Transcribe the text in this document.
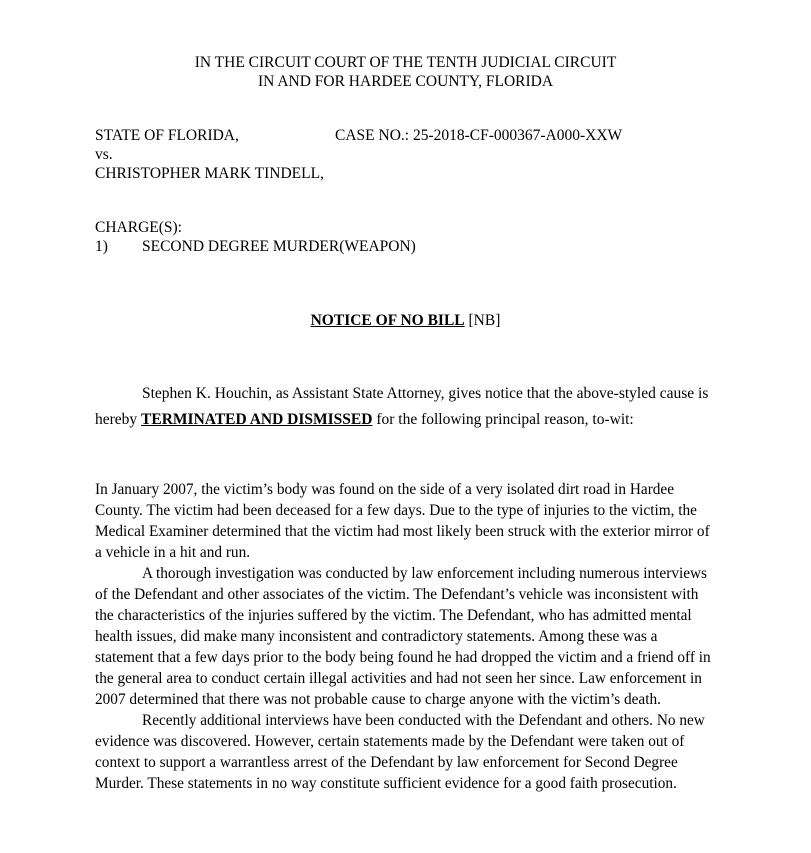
IN THE CIRCUIT COURT OF THE TENTH JUDICIAL CIRCUIT
IN AND FOR HARDEE COUNTY, FLORIDA
STATE OF FLORIDA,	CASE NO.: 25-2018-CF-000367-A000-XXW
vs.
CHRISTOPHER MARK TINDELL,
CHARGE(S):
1) SECOND DEGREE MURDER(WEAPON)
NOTICE OF NO BILL [NB]
Stephen K. Houchin, as Assistant State Attorney, gives notice that the above-styled cause is hereby TERMINATED AND DISMISSED for the following principal reason, to-wit:

In January 2007, the victim’s body was found on the side of a very isolated dirt road in Hardee County. The victim had been deceased for a few days. Due to the type of injuries to the victim, the Medical Examiner determined that the victim had most likely been struck with the exterior mirror of a vehicle in a hit and run.

A thorough investigation was conducted by law enforcement including numerous interviews of the Defendant and other associates of the victim. The Defendant’s vehicle was inconsistent with the characteristics of the injuries suffered by the victim. The Defendant, who has admitted mental health issues, did make many inconsistent and contradictory statements. Among these was a statement that a few days prior to the body being found he had dropped the victim and a friend off in the general area to conduct certain illegal activities and had not seen her since. Law enforcement in 2007 determined that there was not probable cause to charge anyone with the victim’s death.

Recently additional interviews have been conducted with the Defendant and others. No new evidence was discovered. However, certain statements made by the Defendant were taken out of context to support a warrantless arrest of the Defendant by law enforcement for Second Degree Murder. These statements in no way constitute sufficient evidence for a good faith prosecution.
